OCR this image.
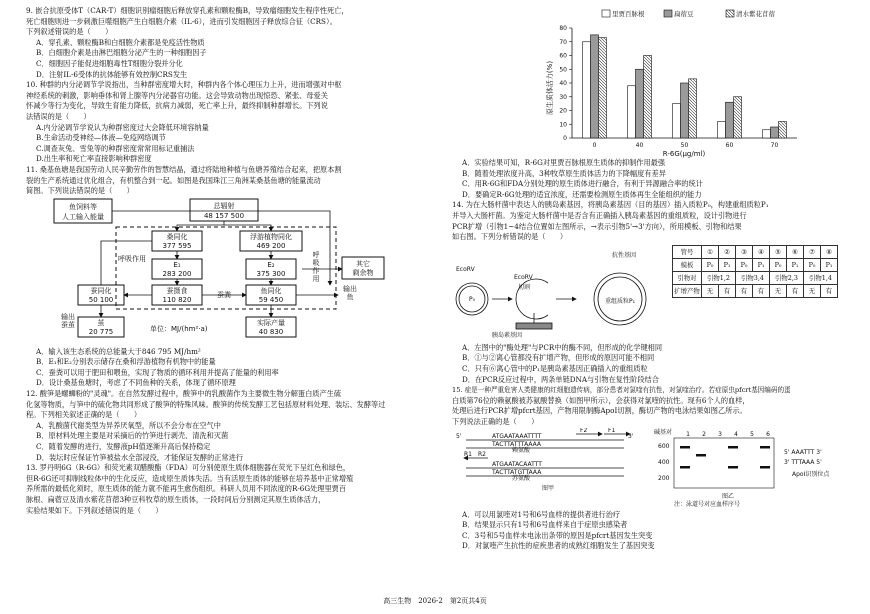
9. 嵌合抗原受体T（CAR-T）细胞识别瘤细胞后释放穿孔素和颗粒酶B，导致瘤细胞发生程序性死亡，

死亡细胞则进一步刺激巨噬细胞产生白细胞介素（IL-6），进而引发细胞因子释放综合征（CRS）。

下列叙述错误的是（　　）

A．穿孔素、颗粒酶B和白细胞介素都是免疫活性物质

B．白细胞介素是由淋巴细胞分泌产生的一种细胞因子

C．细胞因子能促进细胞毒性T细胞分裂并分化

D．注射IL-6受体的抗体能够有效控制CRS发生

10. 种群的内分泌调节学说指出，当种群密度增大时，种群内各个体心理压力上升，进而增强对中枢

神经系统的刺激，影响垂体和肾上腺等内分泌器官功能。这会导致动物出现惊恐、紧张、母爱关

怀减少等行为变化，导致生育能力降低，抗病力减弱，死亡率上升，最终抑制种群增长。下列说

法错误的是（　　）

A.内分泌调节学说认为种群密度过大会降低环境容纳量

B.生命活动受神经—体液—免疫网络调节

C.调查灰兔、雪兔等的种群密度常常用标记重捕法

D.出生率和死亡率直接影响种群密度

11. 桑基鱼塘是我国劳动人民辛勤劳作的智慧结晶，通过将陆地种植与鱼塘养殖结合起来，把原本割

裂的生产系统通过优化组合，有机整合到一起。如图是我国珠江三角洲某桑基鱼塘的能量流动

简图。下列说法错误的是（　　）

鱼饲料等
人工输入能量
总辐射
48 157 500
桑同化
377 595
浮游植物同化
469 200
E₁
283 200
E₂
375 300
呼吸作用	呼
吸
作
用
其它
剩余物
蚕同化
50 100
蚕摄食
110 820
蚕粪	鱼同化
59 450
输出
蚕茧
输出
鱼
茧
20 775
实际产量
40 830
单位：MJ/(hm²·a)

A．输入该生态系统的总能量大于846 795 MJ/hm²

B．E₁和E₂分别表示储存在桑和浮游植物有机物中的能量

C．蚕粪可以用于肥田和喂鱼，实现了物质的循环利用并提高了能量的利用率

D．设计桑基鱼塘时，考虑了不同鱼种的关系，体现了循环原理

12. 酸笋是螺蛳粉的"灵魂"。在自然发酵过程中，酸笋中的乳酸菌作为主要微生物分解蛋白质产生硫

化氢等物质，与笋中的硫化物共同形成了酸笋的特殊风味。酸笋的传统发酵工艺包括原材料处理、装坛、发酵等过

程。下列相关叙述正确的是（　　）

A．乳酸菌代谢类型为异养厌氧型，所以不会分布在空气中

B．原材料处理主要是对采摘后的竹笋进行剥壳、清洗和灭菌

C．随着发酵的进行，发酵液pH值逐渐升高后保持稳定

D．装坛时应保证竹笋被盐水全部浸没，才能保证发酵的正常进行

13. 罗丹明6G（R-6G）和荧光素双醋酸酯（FDA）可分别使原生质体细胞器在荧光下呈红色和绿色，

但R-6G还可抑制线粒体中的生化反应，造成原生质体失活。当有活原生质体的能够在培养基中正常增殖

养所需的最低化须时，原生质体的能力就不能再生愈伤组织。科研人员用不同浓度的R-6G处理里贾百

脉根、扁蓿豆及清水紫花苜蓿3种豆科牧草的原生质体，一段时间后分别测定其原生质体活力，

实验结果如下。下列叙述错误的是（　　）

里贾百脉根	扁蓿豆	清水紫花苜蓿
原生质体活力(%)
0
10
20
30
40
50
60
70
80
0	40	50	60	70
R-6G(μg/ml)

A．实验结果可知，R-6G对里贾百脉根原生质体的抑制作用最强

B．随着处理浓度升高，3种牧草原生质体活力的下降幅度有差异

C．用R-6G和FDA分别处理的原生质体进行融合，有利于异源融合率的统计

D．要确定R-6G处理的适宜浓度，还需要检测原生质体再生全能组织的能力

14. 为在大肠杆菌中表达人的胰岛素基因，将胰岛素基因（目的基因）插入质粒P₀，构建重组质粒P₁

并导入大肠杆菌。为鉴定大肠杆菌中是否含有正确插入胰岛素基因的重组质粒，设计引物进行

PCR扩增（引物1~4结合位置如左图所示，→表示引物5'→3'方向），所用模板、引物和结果

如右图。下列分析错误的是（　　）

EcoRV
EcoRV
切割
P₀
胰岛素基因
重组质粒P₁
抗性基因	管号	①	②	③	④	⑤	⑥	⑦	⑧
模板	P₀	P₁	P₀	P₁	P₀	P₁	P₀	P₁
引物对	引物1,2		引物3,4		引物2,3		引物1,4	
扩增产物	无	有	有	有	无	有	无	有

A．左图中的"酶处理"与PCR中的酶不同，但形成的化学键相同

B．①与②离心管都没有扩增产物，但形成的原因可能不相同

C．只有⑥离心管中的P₁是胰岛素基因正确插入的重组质粒

D．在PCR反应过程中，两条单链DNA与引物在复性阶段结合

15. 症是一种严重危害人类健康的红细胞遗传病，部分患者对氯喹有抗性，对氯喹治疗。若症原虫pfcrt基因编码的蛋

白质第76位的赖氨酸被苏氨酸替换（如图甲所示），会获得对氯喹的抗性。现有6个人的血样，

处理后进行PCR扩增pfcrt基因，产物用限制酶ApoⅠ切割，酶切产物的电泳结果如图乙所示。

下列说法正确的是（　　）

5'	ATGAATAAATTTT
TACTTATTTAAAA
赖氨酸
ATGAATACAATTT
TACTTATGTTAAA
苏氨酸
F2	F1
R1 R2
3'
图甲
碱基对
600
400
200
1 2 3 4 5 6
注：泳道号对应血样序号
5' AAATTT 3'
3' TTTAAA 5'
ApoI识别位点
图乙

A．可以用氯喹对1号和6号血样的提供者进行治疗

B．结果显示只有1号和6号血样来自于症原虫感染者

C．3号和5号血样未电泳出条带的原因是pfcrt基因发生突变

D．对氯喹产生抗性的症疾患者的成熟红细胞发生了基因突变

高三生物　2026-2　第2页共4页
